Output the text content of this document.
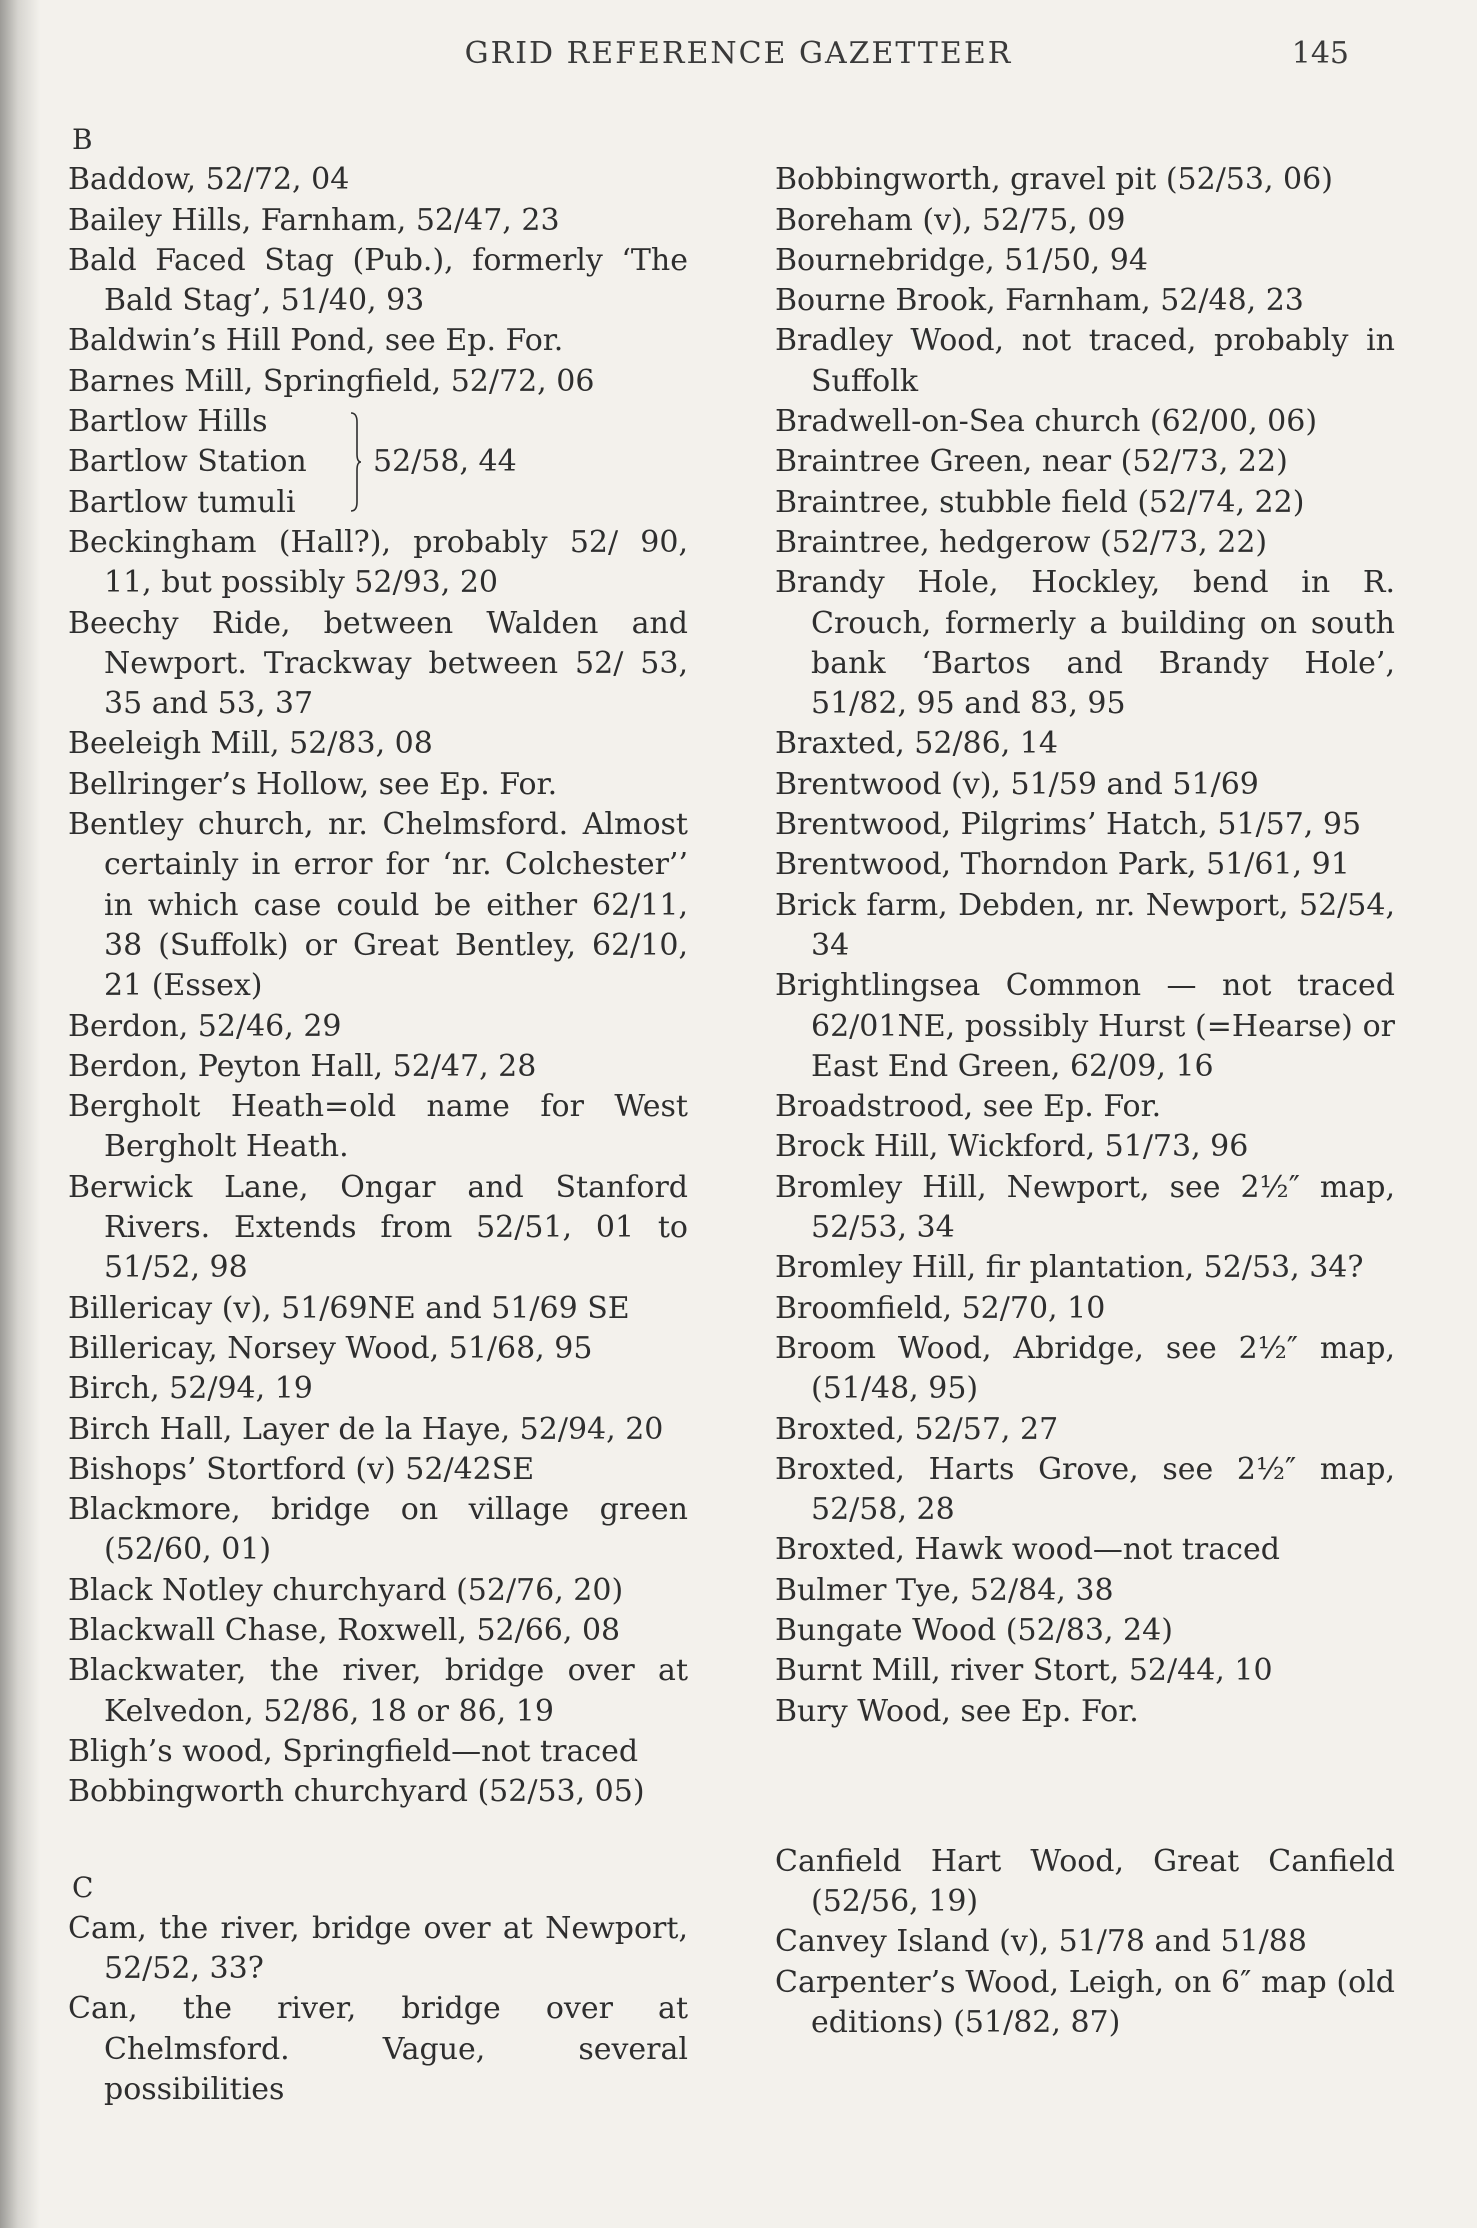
GRID REFERENCE GAZETTEER	145
B
Baddow, 52/72, 04
Bailey Hills, Farnham, 52/47, 23
Bald Faced Stag (Pub.), formerly ‘The Bald Stag’, 51/40, 93
Baldwin’s Hill Pond, see Ep. For.
Barnes Mill, Springfield, 52/72, 06
Bartlow Hills
Bartlow Station
Bartlow tumuli
52/58, 44
Beckingham (Hall?), probably 52/ 90, 11, but possibly 52/93, 20
Beechy Ride, between Walden and Newport. Trackway between 52/ 53, 35 and 53, 37
Beeleigh Mill, 52/83, 08
Bellringer’s Hollow, see Ep. For.
Bentley church, nr. Chelmsford. Almost certainly in error for ‘nr. Colchester’’ in which case could be either 62/11, 38 (Suffolk) or Great Bentley, 62/10, 21 (Essex)
Berdon, 52/46, 29
Berdon, Peyton Hall, 52/47, 28
Bergholt Heath=old name for West Bergholt Heath.
Berwick Lane, Ongar and Stanford Rivers. Extends from 52/51, 01 to 51/52, 98
Billericay (v), 51/69NE and 51/69 SE
Billericay, Norsey Wood, 51/68, 95
Birch, 52/94, 19
Birch Hall, Layer de la Haye, 52/94, 20
Bishops’ Stortford (v) 52/42SE
Blackmore, bridge on village green (52/60, 01)
Black Notley churchyard (52/76, 20)
Blackwall Chase, Roxwell, 52/66, 08
Blackwater, the river, bridge over at Kelvedon, 52/86, 18 or 86, 19
Bligh’s wood, Springfield—not traced
Bobbingworth churchyard (52/53, 05)
C
Cam, the river, bridge over at Newport, 52/52, 33?
Can, the river, bridge over at Chelmsford. Vague, several possibilities
Bobbingworth, gravel pit (52/53, 06)
Boreham (v), 52/75, 09
Bournebridge, 51/50, 94
Bourne Brook, Farnham, 52/48, 23
Bradley Wood, not traced, probably in Suffolk
Bradwell-on-Sea church (62/00, 06)
Braintree Green, near (52/73, 22)
Braintree, stubble field (52/74, 22)
Braintree, hedgerow (52/73, 22)
Brandy Hole, Hockley, bend in R. Crouch, formerly a building on south bank ‘Bartos and Brandy Hole’, 51/82, 95 and 83, 95
Braxted, 52/86, 14
Brentwood (v), 51/59 and 51/69
Brentwood, Pilgrims’ Hatch, 51/57, 95
Brentwood, Thorndon Park, 51/61, 91
Brick farm, Debden, nr. Newport, 52/54, 34
Brightlingsea Common — not traced 62/01NE, possibly Hurst (=Hearse) or East End Green, 62/09, 16
Broadstrood, see Ep. For.
Brock Hill, Wickford, 51/73, 96
Bromley Hill, Newport, see 2½″ map, 52/53, 34
Bromley Hill, fir plantation, 52/53, 34?
Broomfield, 52/70, 10
Broom Wood, Abridge, see 2½″ map, (51/48, 95)
Broxted, 52/57, 27
Broxted, Harts Grove, see 2½″ map, 52/58, 28
Broxted, Hawk wood—not traced
Bulmer Tye, 52/84, 38
Bungate Wood (52/83, 24)
Burnt Mill, river Stort, 52/44, 10
Bury Wood, see Ep. For.
Canfield Hart Wood, Great Canfield (52/56, 19)
Canvey Island (v), 51/78 and 51/88
Carpenter’s Wood, Leigh, on 6″ map (old editions) (51/82, 87)
